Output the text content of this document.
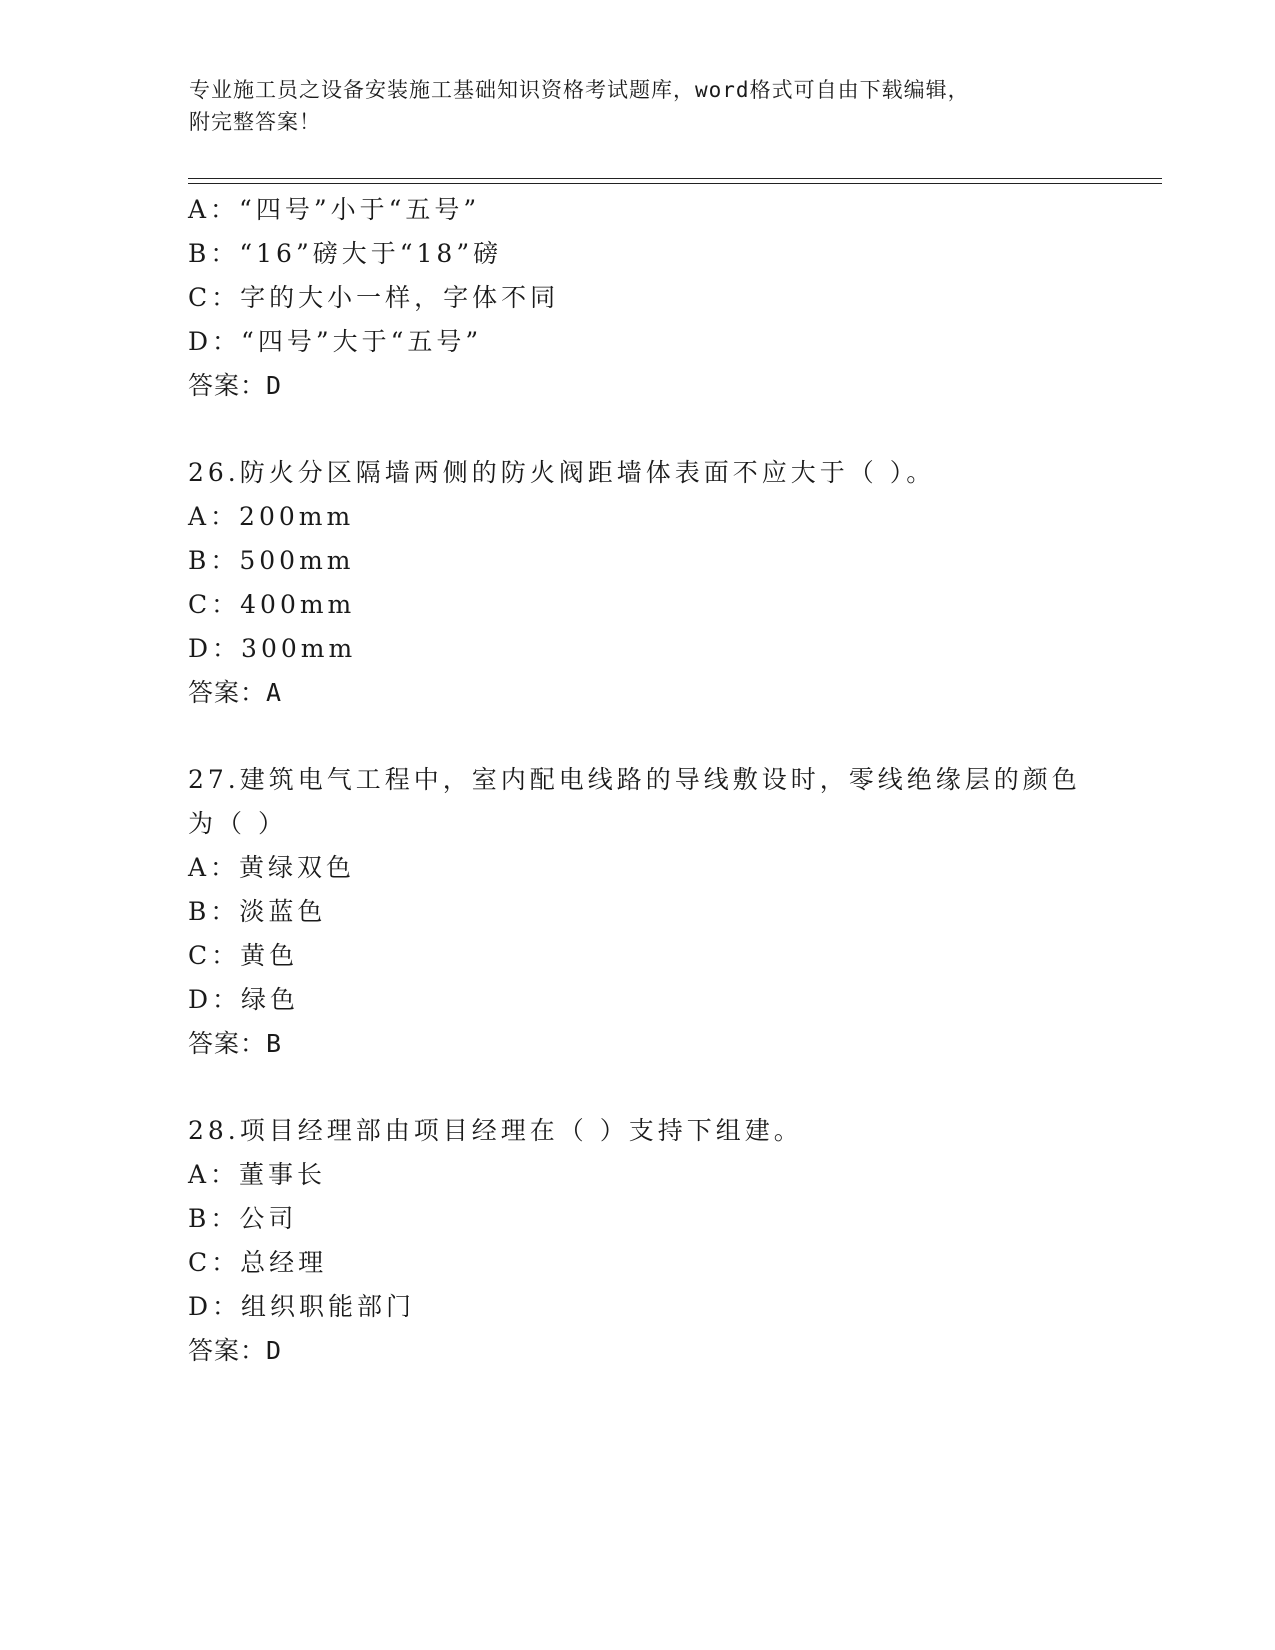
专业施工员之设备安装施工基础知识资格考试题库，word格式可自由下载编辑，
附完整答案！
A：“四号”小于“五号”
B：“16”磅大于“18”磅
C：字的大小一样，字体不同
D：“四号”大于“五号”
答案：D
26.防火分区隔墙两侧的防火阀距墙体表面不应大于（ ）。
A：200mm
B：500mm
C：400mm
D：300mm
答案：A
27.建筑电气工程中，室内配电线路的导线敷设时，零线绝缘层的颜色
为（ ）
A：黄绿双色
B：淡蓝色
C：黄色
D：绿色
答案：B
28.项目经理部由项目经理在（ ）支持下组建。
A：董事长
B：公司
C：总经理
D：组织职能部门
答案：D
